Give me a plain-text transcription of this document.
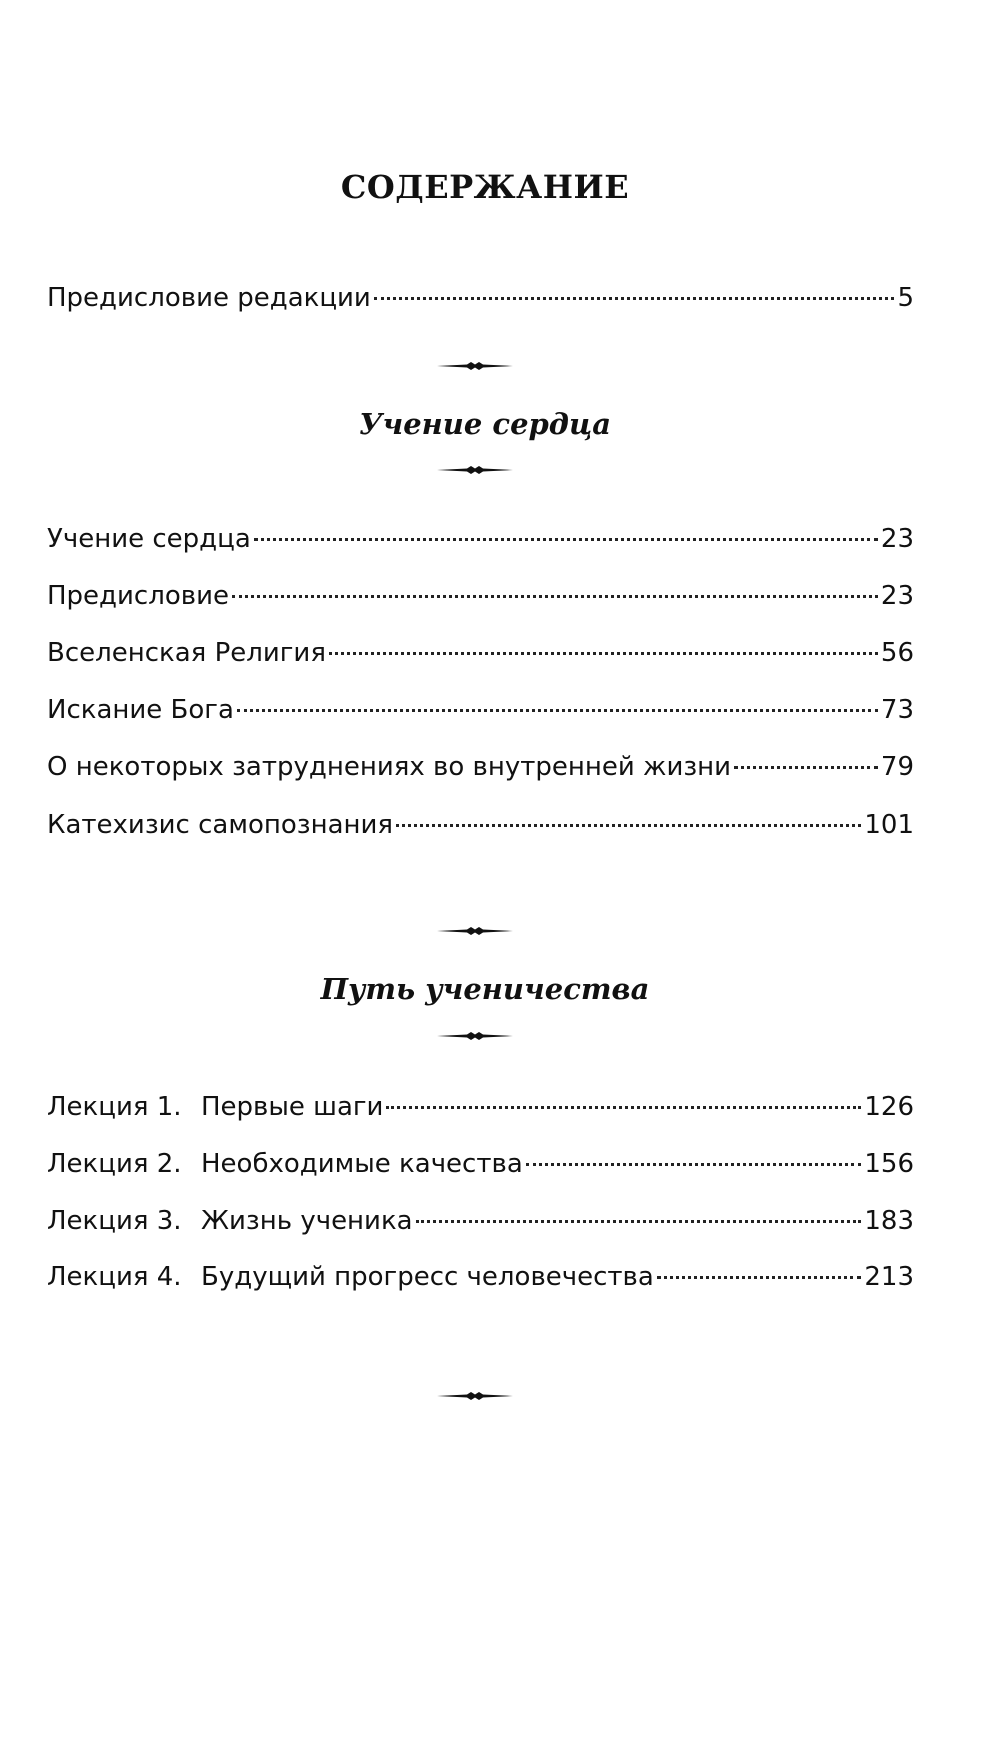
СОДЕРЖАНИЕ
Предисловие редакции	5
Учение сердца
Учение сердца	23
Предисловие	23
Вселенская Религия	56
Искание Бога	73
О некоторых затруднениях во внутренней жизни	79
Катехизис самопознания	101
Путь ученичества
Лекция 1. Первые шаги	126
Лекция 2. Необходимые качества	156
Лекция 3. Жизнь ученика	183
Лекция 4. Будущий прогресс человечества	213
